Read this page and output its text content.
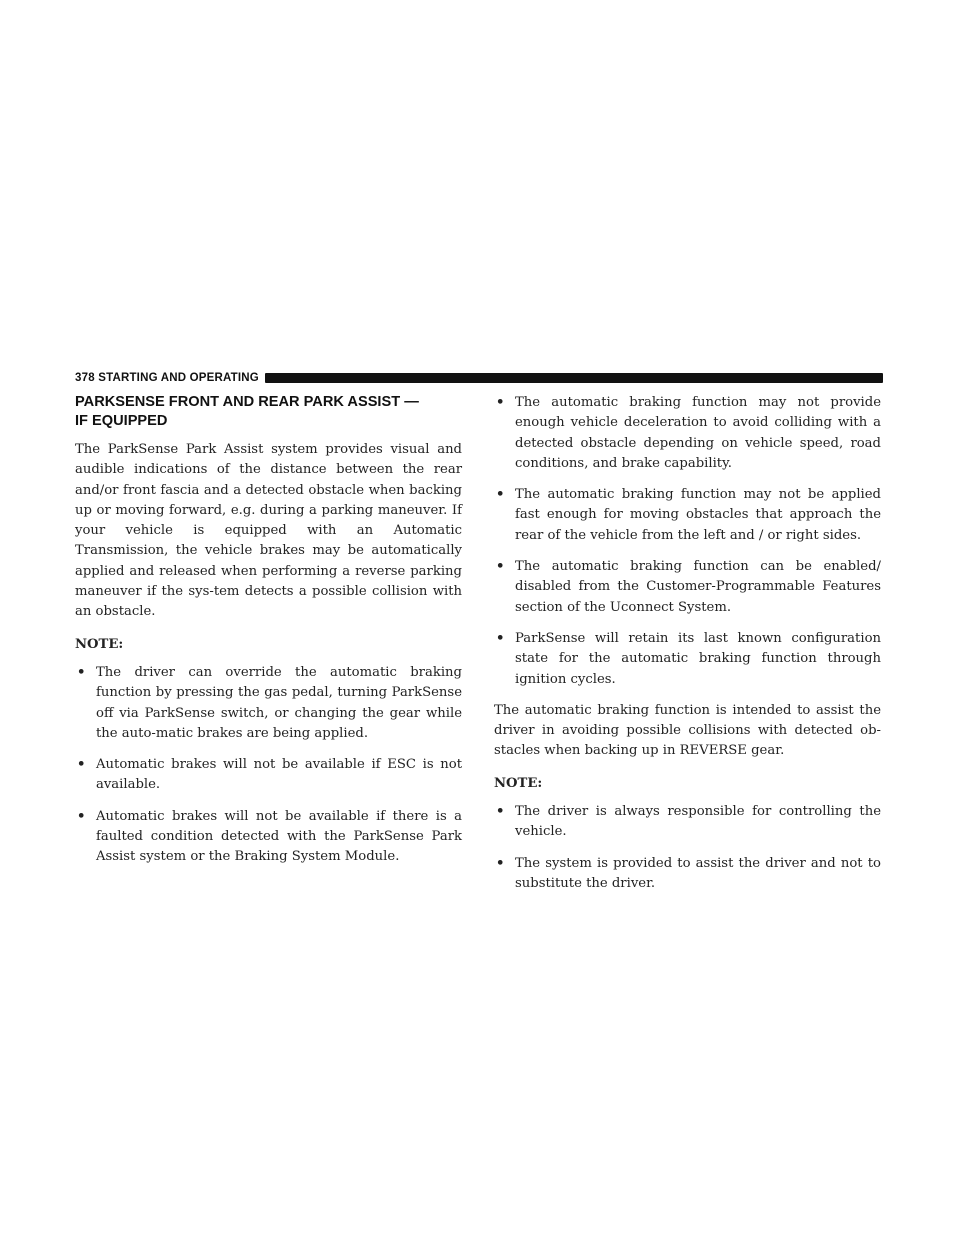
378 STARTING AND OPERATING
PARKSENSE FRONT AND REAR PARK ASSIST —
IF EQUIPPED

The ParkSense Park Assist system provides visual and audible indications of the distance between the rear and/or front fascia and a detected obstacle when backing up or moving forward, e.g. during a parking maneuver. If your vehicle is equipped with an Automatic Transmission, the vehicle brakes may be automatically applied and released when performing a reverse parking maneuver if the sys-tem detects a possible collision with an obstacle.

NOTE:
• The driver can override the automatic braking function by pressing the gas pedal, turning ParkSense off via ParkSense switch, or changing the gear while the auto-matic brakes are being applied.
• Automatic brakes will not be available if ESC is not available.
• Automatic brakes will not be available if there is a faulted condition detected with the ParkSense Park Assist system or the Braking System Module.
• The automatic braking function may not provide enough vehicle deceleration to avoid colliding with a detected obstacle depending on vehicle speed, road conditions, and brake capability.
• The automatic braking function may not be applied fast enough for moving obstacles that approach the rear of the vehicle from the left and / or right sides.
• The automatic braking function can be enabled/ disabled from the Customer-Programmable Features section of the Uconnect System.
• ParkSense will retain its last known configuration state for the automatic braking function through ignition cycles.

The automatic braking function is intended to assist the driver in avoiding possible collisions with detected ob-stacles when backing up in REVERSE gear.

NOTE:
• The driver is always responsible for controlling the vehicle.
• The system is provided to assist the driver and not to substitute the driver.
